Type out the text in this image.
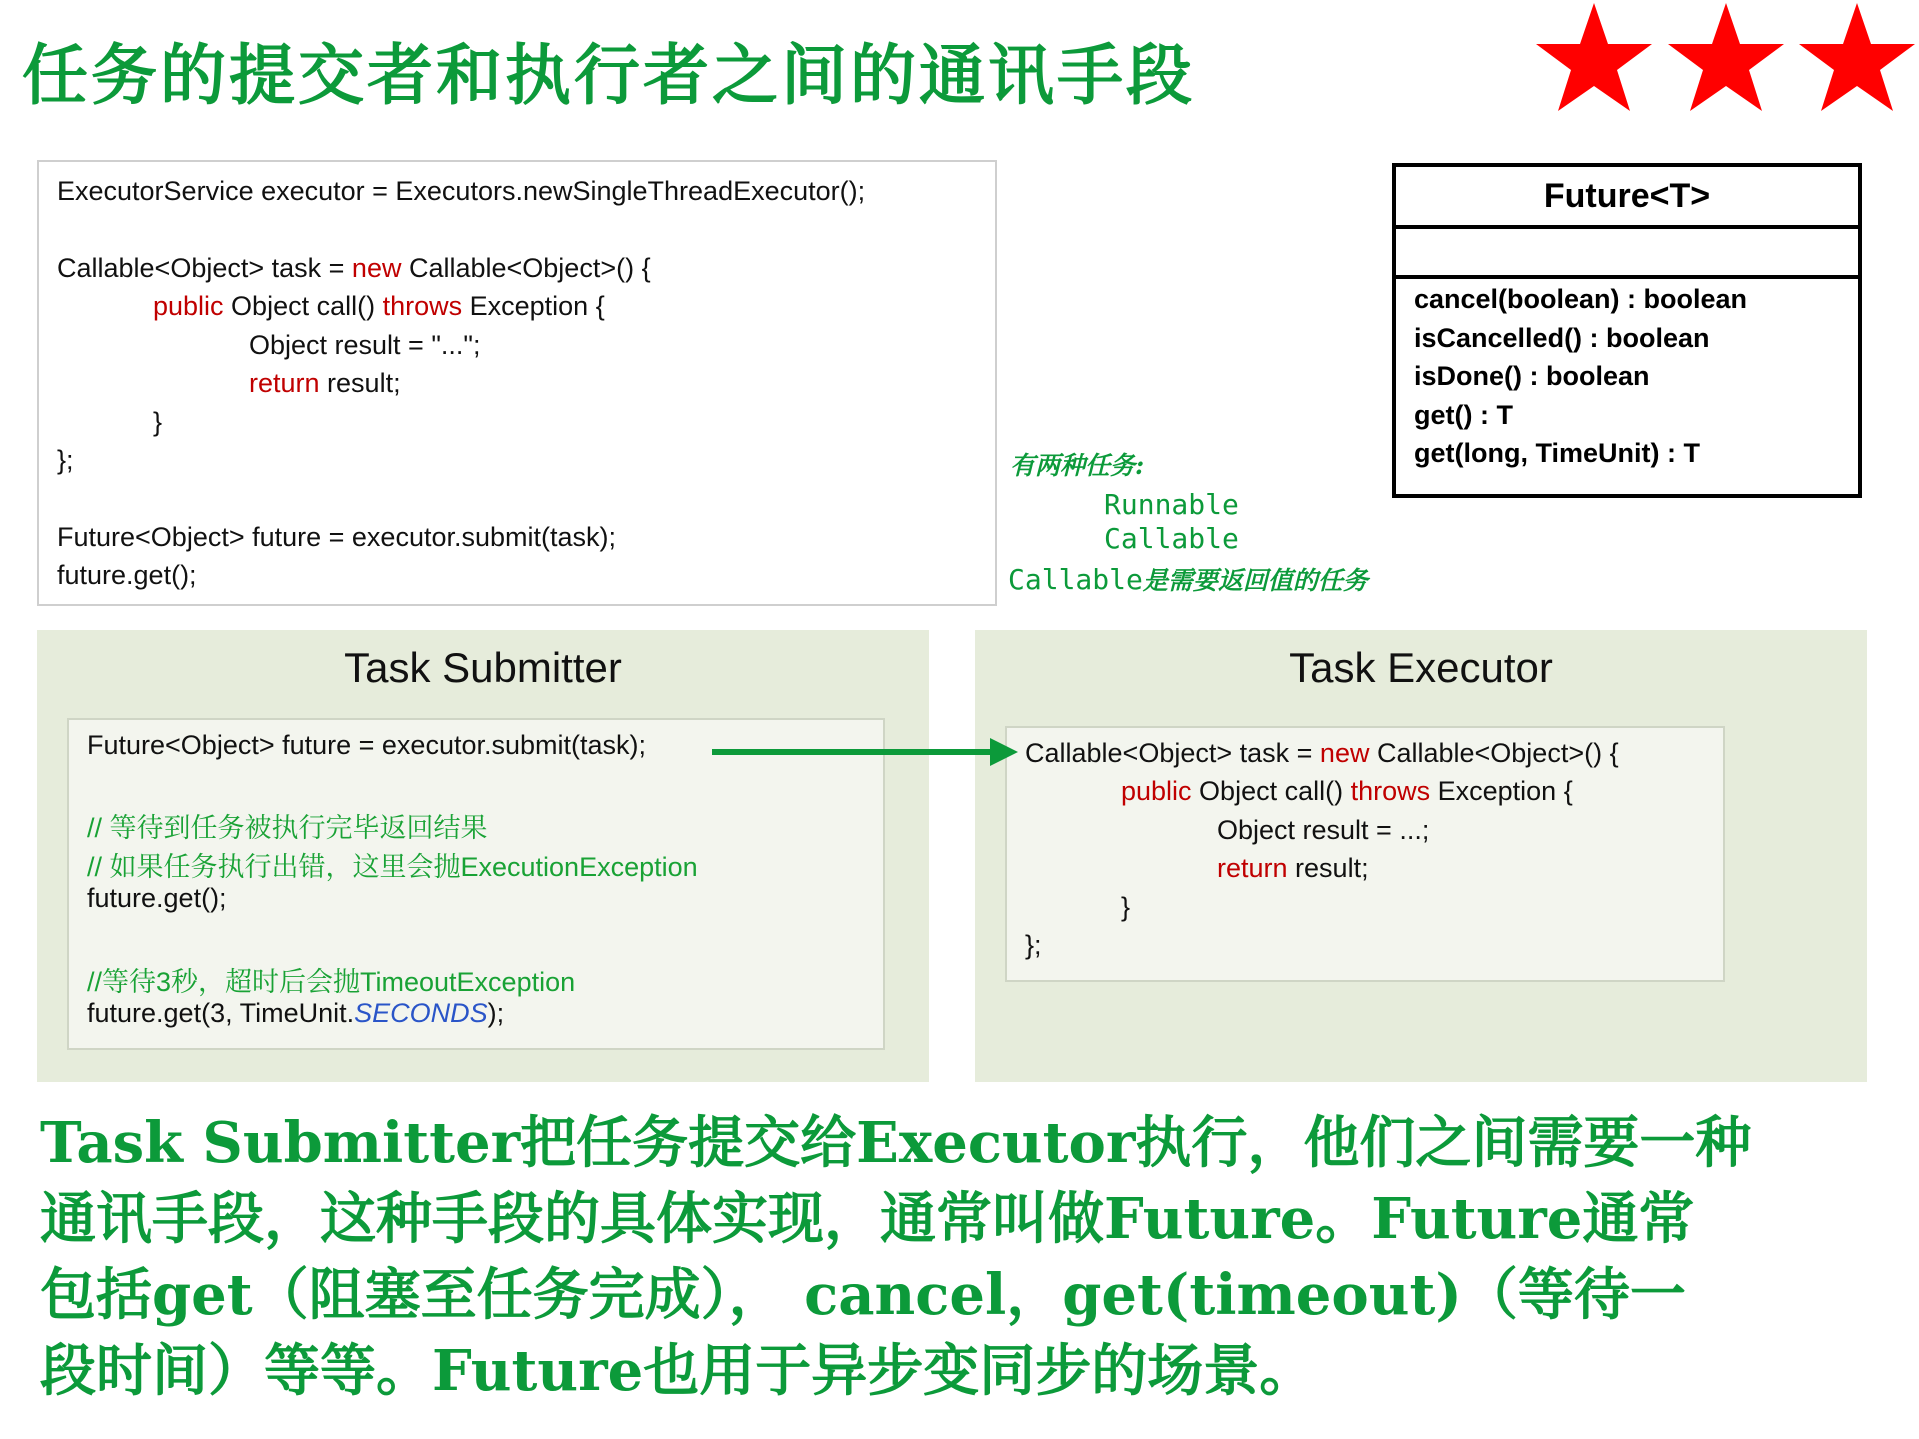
任务的提交者和执行者之间的通讯手段
ExecutorService executor = Executors.newSingleThreadExecutor();
Callable<Object> task = new Callable<Object>() {
public Object call() throws Exception {
Object result = "...";
return result;
}
};
Future<Object> future = executor.submit(task);
future.get();
Future<T>
cancel(boolean) : boolean
isCancelled() : boolean
isDone() : boolean
get() : T
get(long, TimeUnit) : T
有两种任务:
Runnable
Callable
Callable是需要返回值的任务
Task Submitter
Future<Object> future = executor.submit(task);
// 等待到任务被执行完毕返回结果
// 如果任务执行出错，这里会抛ExecutionException
future.get();
//等待3秒，超时后会抛TimeoutException
future.get(3, TimeUnit.SECONDS);
Task Executor
Callable<Object> task = new Callable<Object>() {
public Object call() throws Exception {
Object result = ...;
return result;
}
};
Task Submitter把任务提交给Executor执行，他们之间需要一种
通讯手段，这种手段的具体实现，通常叫做Future。Future通常
包括get（阻塞至任务完成）， cancel，get(timeout)（等待一
段时间）等等。Future也用于异步变同步的场景。
